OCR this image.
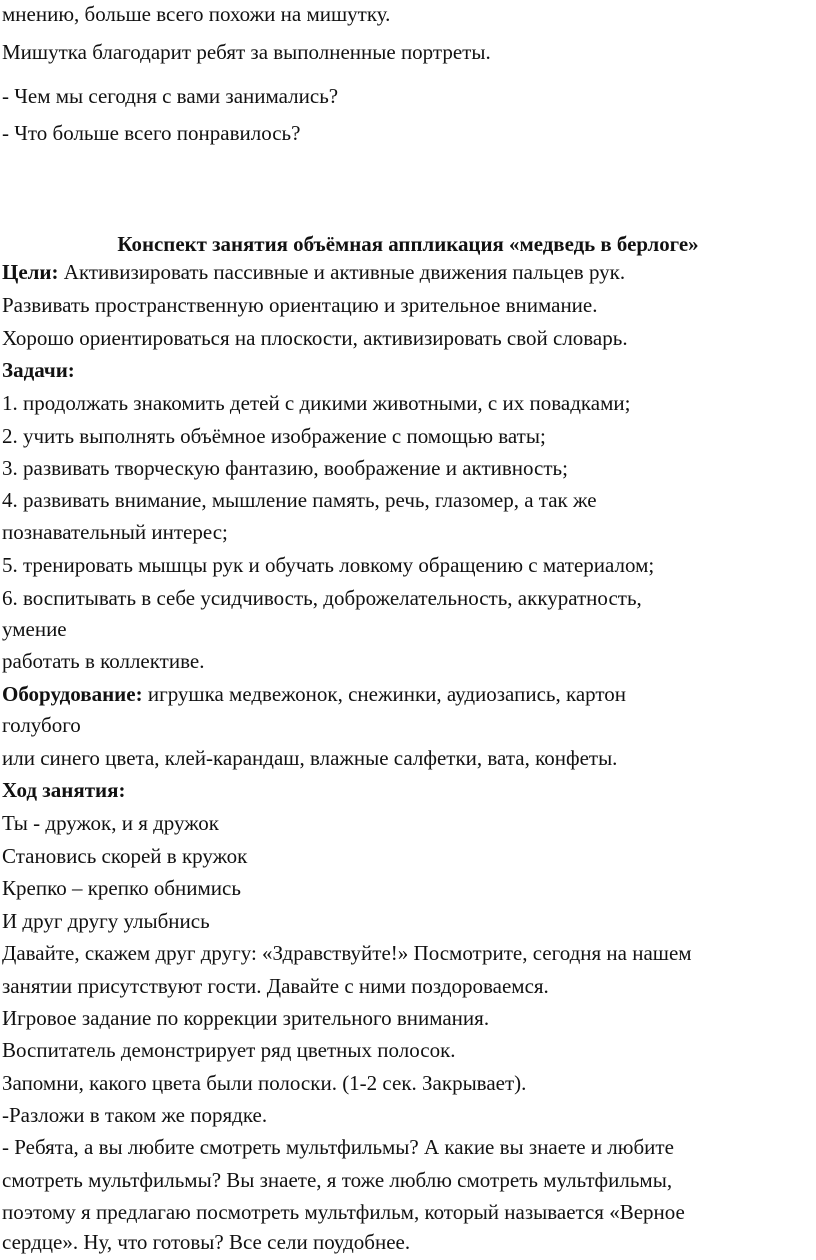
мнению, больше всего похожи на мишутку.
Мишутка благодарит ребят за выполненные портреты.
- Чем мы сегодня с вами занимались?
- Что больше всего понравилось?
Конспект занятия объёмная аппликация «медведь в берлоге»
Цели: Активизировать пассивные и активные движения пальцев рук.
Развивать пространственную ориентацию и зрительное внимание.
Хорошо ориентироваться на плоскости, активизировать свой словарь.
Задачи:
1. продолжать знакомить детей с дикими животными, с их повадками;
2. учить выполнять объёмное изображение с помощью ваты;
3. развивать творческую фантазию, воображение и активность;
4. развивать внимание, мышление память, речь, глазомер, а так же
познавательный интерес;
5. тренировать мышцы рук и обучать ловкому обращению с материалом;
6. воспитывать в себе усидчивость, доброжелательность, аккуратность,
умение
работать в коллективе.
Оборудование: игрушка медвежонок, снежинки, аудиозапись, картон
голубого
или синего цвета, клей-карандаш, влажные салфетки, вата, конфеты.
Ход занятия:
Ты - дружок, и я дружок
Становись скорей в кружок
Крепко – крепко обнимись
И друг другу улыбнись
Давайте, скажем друг другу: «Здравствуйте!» Посмотрите, сегодня на нашем
занятии присутствуют гости. Давайте с ними поздороваемся.
Игровое задание по коррекции зрительного внимания.
Воспитатель демонстрирует ряд цветных полосок.
Запомни, какого цвета были полоски. (1-2 сек. Закрывает).
-Разложи в таком же порядке.
- Ребята, а вы любите смотреть мультфильмы? А какие вы знаете и любите
смотреть мультфильмы? Вы знаете, я тоже люблю смотреть мультфильмы,
поэтому я предлагаю посмотреть мультфильм, который называется «Верное
сердце». Ну, что готовы? Все сели поудобнее.
